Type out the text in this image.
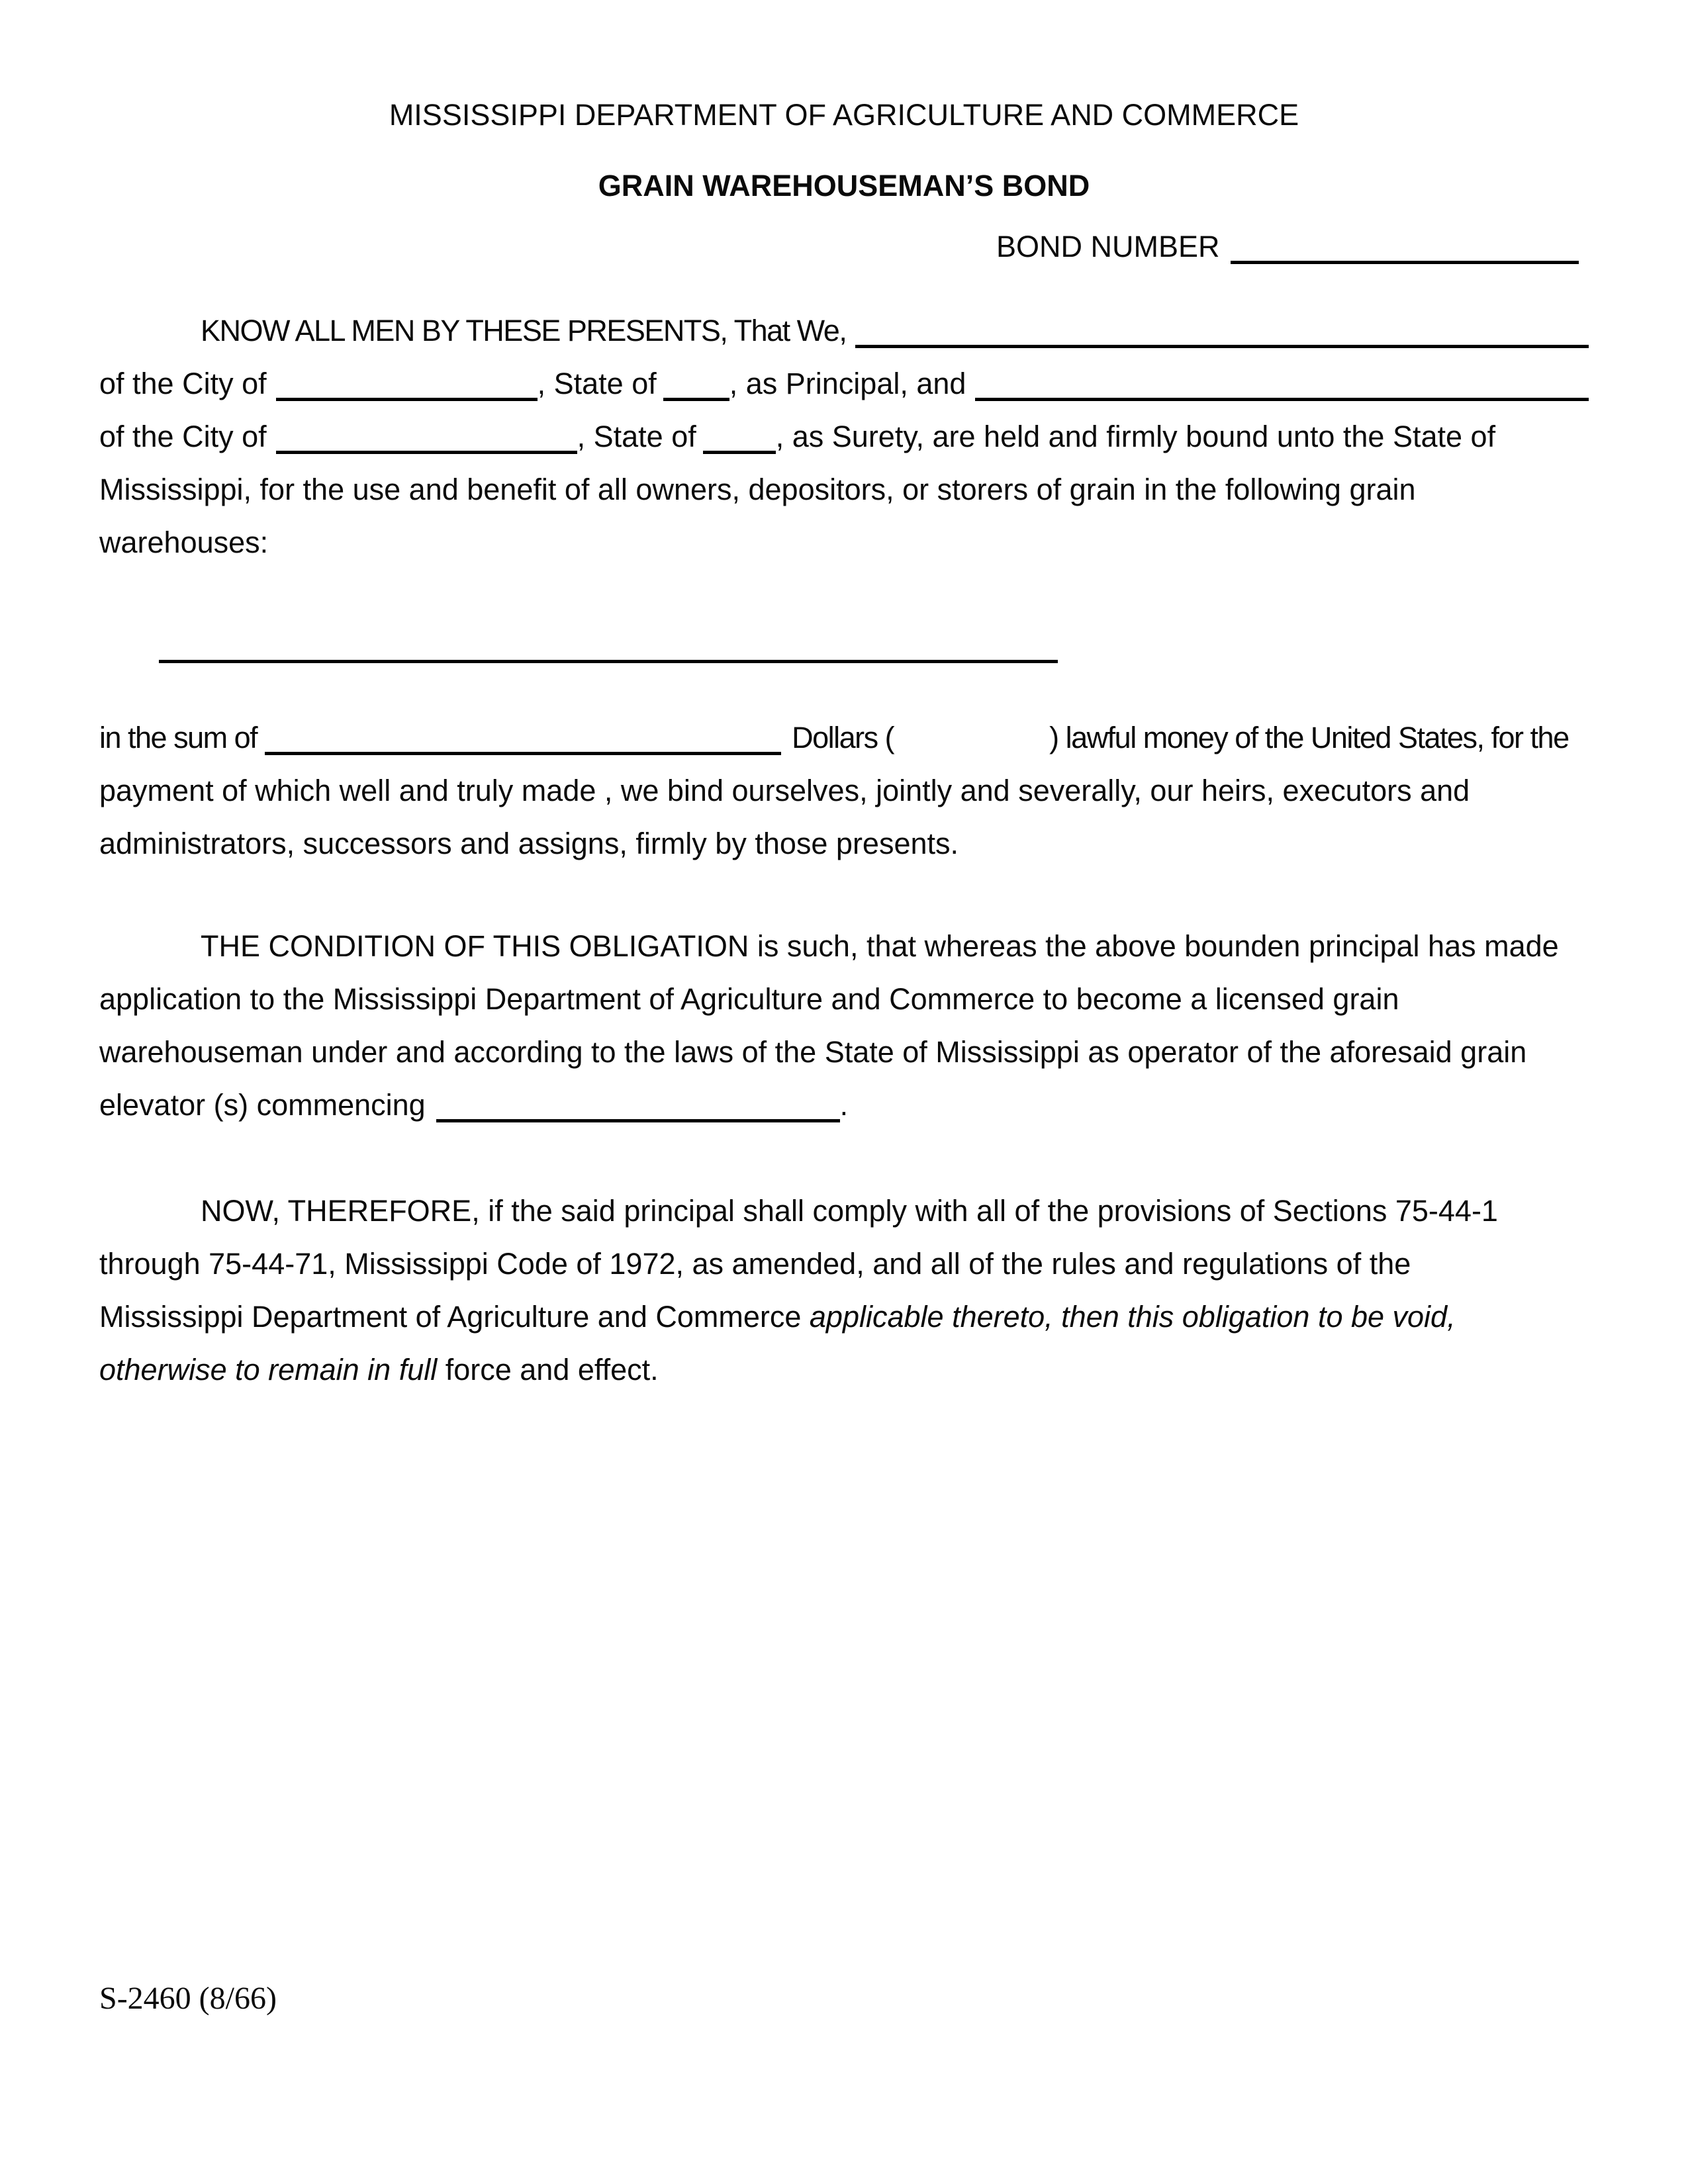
MISSISSIPPI DEPARTMENT OF AGRICULTURE AND COMMERCE
GRAIN WAREHOUSEMAN’S BOND
BOND NUMBER
KNOW ALL MEN BY THESE PRESENTS, That We,
of the City of	, State of , as Principal, and
of the City of	, State of	, as Surety, are held and firmly bound unto the State of
Mississippi, for the use and benefit of all owners, depositors, or storers of grain in the following grain
warehouses:
in the sum of	Dollars (	) lawful money of the United States, for the
payment of which well and truly made , we bind ourselves, jointly and severally, our heirs, executors and
administrators, successors and assigns, firmly by those presents.
THE CONDITION OF THIS OBLIGATION is such, that whereas the above bounden principal has made
application to the Mississippi Department of Agriculture and Commerce to become a licensed grain
warehouseman under and according to the laws of the State of Mississippi as operator of the aforesaid grain
elevator (s) commencing	.
NOW, THEREFORE, if the said principal shall comply with all of the provisions of Sections 75-44-1
through 75-44-71, Mississippi Code of 1972, as amended, and all of the rules and regulations of the
Mississippi Department of Agriculture and Commerce applicable thereto, then this obligation to be void,
otherwise to remain in full force and effect.
S-2460 (8/66)
